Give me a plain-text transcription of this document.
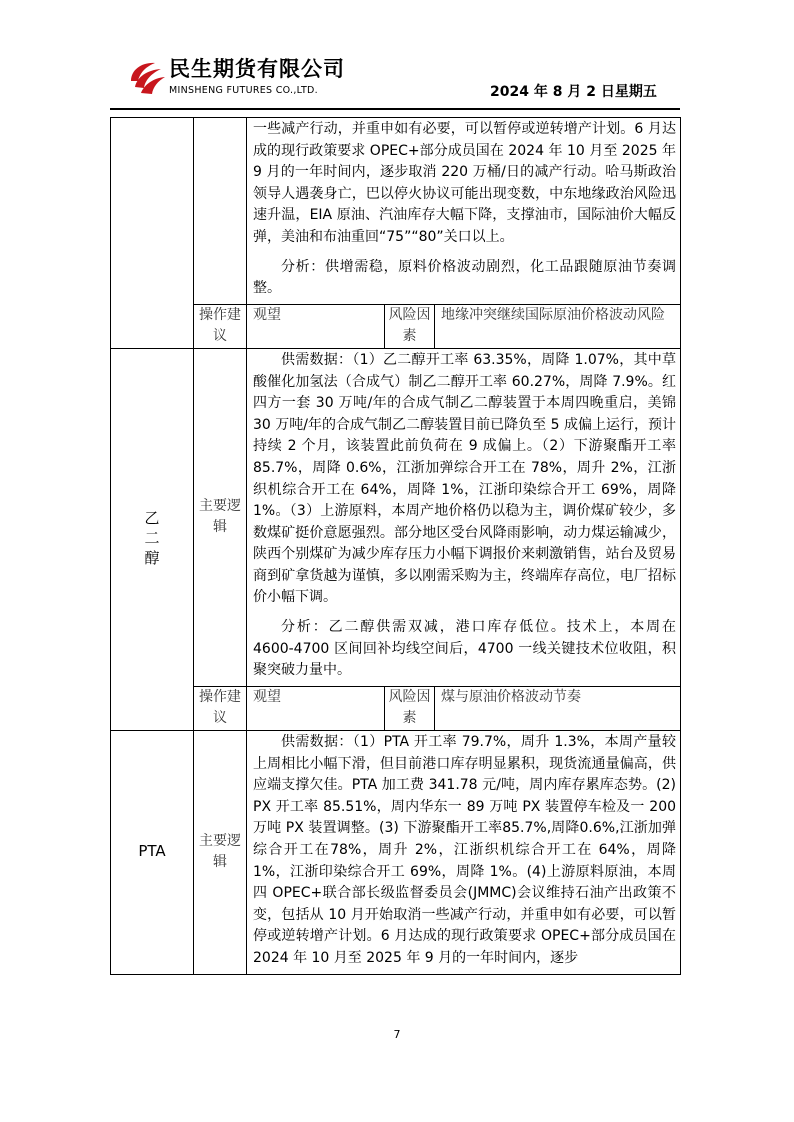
民生期货有限公司
MINSHENG FUTURES CO.,LTD.	2024 年 8 月 2 日星期五

		一些减产行动，并重申如有必要，可以暂停或逆转增产计划。6 月达成的现行政策要求 OPEC+部分成员国在 2024 年 10 月至 2025 年 9 月的一年时间内，逐步取消 220 万桶/日的减产行动。哈马斯政治领导人遇袭身亡，巴以停火协议可能出现变数，中东地缘政治风险迅速升温，EIA 原油、汽油库存大幅下降，支撑油市，国际油价大幅反弹，美油和布油重回“75”“80”关口以上。

分析：供增需稳，原料价格波动剧烈，化工品跟随原油节奏调整。		

	操作建议	观望	风险因素	地缘冲突继续国际原油价格波动风险
乙二醇	主要逻辑	供需数据：（1）乙二醇开工率 63.35%，周降 1.07%，其中草酸催化加氢法（合成气）制乙二醇开工率 60.27%，周降 7.9%。红四方一套 30 万吨/年的合成气制乙二醇装置于本周四晚重启，美锦 30 万吨/年的合成气制乙二醇装置目前已降负至 5 成偏上运行，预计持续 2 个月，该装置此前负荷在 9 成偏上。（2）下游聚酯开工率 85.7%，周降 0.6%，江浙加弹综合开工在 78%，周升 2%，江浙织机综合开工在 64%，周降 1%，江浙印染综合开工 69%，周降 1%。（3）上游原料，本周产地价格仍以稳为主，调价煤矿较少，多数煤矿挺价意愿强烈。部分地区受台风降雨影响，动力煤运输减少，陕西个别煤矿为减少库存压力小幅下调报价来刺激销售，站台及贸易商到矿拿货越为谨慎，多以刚需采购为主，终端库存高位，电厂招标价小幅下调。

分析：乙二醇供需双减，港口库存低位。技术上，本周在 4600-4700 区间回补均线空间后，4700 一线关键技术位收阻，积聚突破力量中。		

	操作建议	观望	风险因素	煤与原油价格波动节奏
PTA	主要逻辑	供需数据：（1）PTA 开工率 79.7%，周升 1.3%，本周产量较上周相比小幅下滑，但目前港口库存明显累积，现货流通量偏高，供应端支撑欠佳。PTA 加工费 341.78 元/吨，周内库存累库态势。(2) PX 开工率 85.51%，周内华东一 89 万吨 PX 装置停车检及一 200 万吨 PX 装置调整。(3) 下游聚酯开工率85.7%,周降0.6%,江浙加弹综合开工在78%，周升 2%，江浙织机综合开工在 64%，周降 1%，江浙印染综合开工 69%，周降 1%。(4)上游原料原油，本周四 OPEC+联合部长级监督委员会(JMMC)会议维持石油产出政策不变，包括从 10 月开始取消一些减产行动，并重申如有必要，可以暂停或逆转增产计划。6 月达成的现行政策要求 OPEC+部分成员国在 2024 年 10 月至 2025 年 9 月的一年时间内，逐步		

7
